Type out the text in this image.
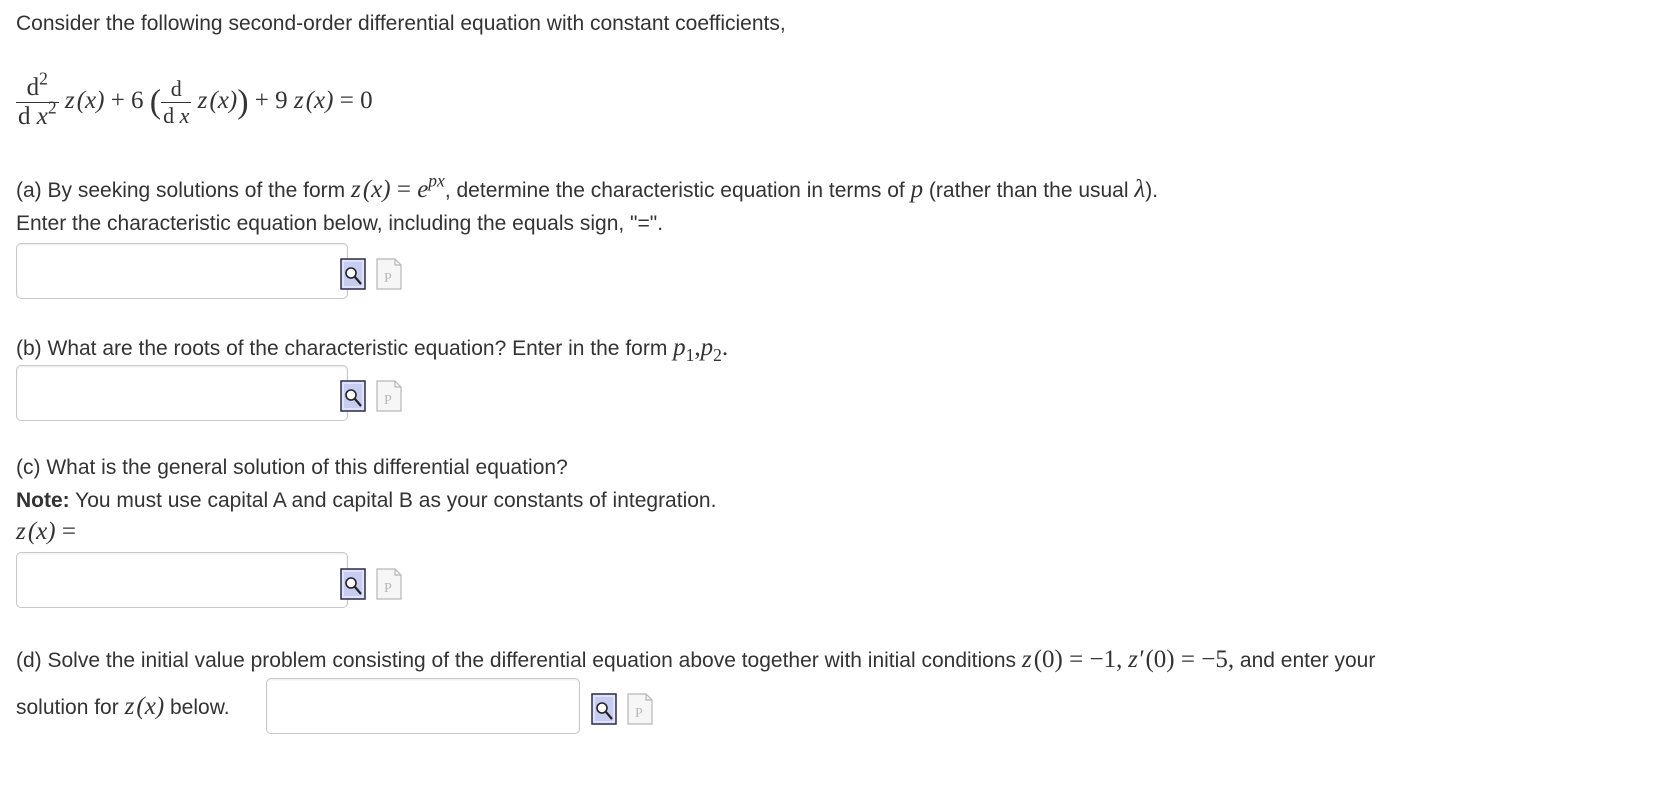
Consider the following second-order differential equation with constant coefficients,
$\frac{d^2}{d x^2}$ z (x) + 6 ( $\frac{d}{\text{d x}}$ z (x)) + 9 z (x) = 0
(a) By seeking solutions of the form z $(x) = e^{px}$, determine the characteristic equation in terms of p (rather than the usual λ).
Enter the characteristic equation below, including the equals sign, "=".
P
(b) What are the roots of the characteristic equation? Enter in the form $p_1,p_2$.
P
(c) What is the general solution of this differential equation?
Note: You must use capital A and capital B as your constants of integration.
z (x) =
P
(d) Solve the initial value problem consisting of the differential equation above together with initial conditions z (0) = −1, z′ (0) = −5, and enter your
solution for z (x) below.	P
